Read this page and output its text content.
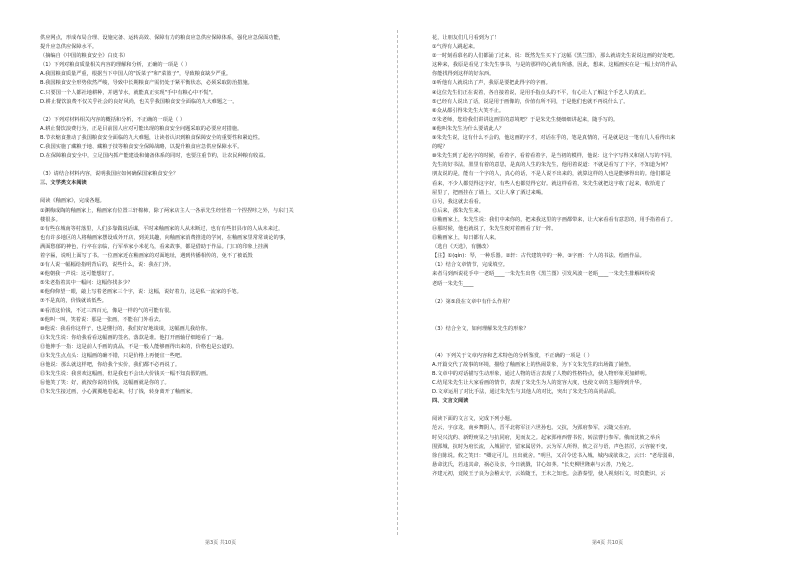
供应网点，形成布局合理、设施完备、运转高效、保障有力的粮食应急供应保障体系，强化应急保面功能，

提升应急供应保障水平。

（摘编自《中国的粮食安全》白皮书）

（1）下列对粮食质量相关内容的理解和分析，正确的一项是（ ）

A.我国粮食质量严重，根据当下中国人的"饭菜子"和"菜篮子"，导致粮食缺少严重。

B.我国粮食安全形势依然严峻，导致中长期粮食产需仍处于紧平衡状态，必须采取防治措施。

C.只要国一个人都社地耕种，并遇节水，就能真正实现"手中有粮心中不慌"。

D.耕止餐饮浪费不仅关乎社会的良好风尚，也关乎我国粮食安全面临的九大难题之一。

（2）下列对材料相关内容的概括和分析，不正确的一项是（ ）

A.耕止餐饮浪费行为，正是目前国人应对可能出现的粮食安全问题采取的必要应对措施。

B.节衣缩食推动了我国粮食安全面临的九大难题，让读者认识到粮食保障安全的重要性和紧迫性。

C.我国实施了藏粮于地、藏粮于技等粮食安全保障战略，以提升粮食应急供应保障水平。

D.在保障粮食安全中，立足国内抓产能建设和储备体系的同时，也要注重节约，让农民种粮有收益。

（3）请结合材料内容，说明我国应如何确保国家粮食安全？

三、文学类文本阅读

阅读《釉画家》，完成各题。

①渊梅成陶的釉画家上，釉画家有位置三轩棉柿，除了两家店主人一各承先生经营着一个捏捏咔之外，与东门关

楼很多。

②有些在城南等村落里，人们多靠做说话谋，平时来釉画家的人从未断过，也有有些旧县市的人从未来过，

也有许多地区的人将釉画家摆设成外开店，到美其趣，向釉画家消费推进的学问，在釉画家里常常谈论的事，

满面愁郁的神色，行卒在亲临，行军举家小米花乌，看来故事，都是借助于作品。门口的印象上挂满

着字匾，说明上面写了书。一位画家近在釉画家的对面地址，遇到传播相传的，免不了被诋毁

③有人说一幅幅给指明背后的，说些什么，说：我在门外。

④他朝我一声说：这可能想好了。

⑤朱老指着其中一幅问：这幅你找多少？

⑥他仰仰望一眼，敲上写着老画家三个字，说：这幅，说好着力，这是私一流家的手笔。

⑦不是真的，价钱就该低些。

⑧看清这价钱，不过三四百元，像是一样的气的可能有很。

⑨他叫一叫，笑着说：那是一张画，不能在门外看去。

⑩他说：我看你这样子，也是懂行的，我们好好地谈谈，这幅画儿我给你。

⑪朱先生说：你给我看看这幅画的签名，落款是谁。他打开画轴仔细地看了一遍。

⑫他伸手一指：这是前人手画的真品，不是一般人能够画得出来的，价格也是公道的。

⑬朱先生点点头：这幅画的确不错，只是价格上再便宜一些吧。

⑭他说：那么就这样吧，你给我个实价，我们都不必再说了。

⑮朱先生说：我喜欢这幅画，但是我也不会出大价钱买一幅不知真假的画。

⑯他笑了笑：好，就按你说的价钱，这幅画就是你的了。

⑰朱先生接过画，小心翼翼地卷起来，付了钱，转身离开了釉画家。

花，让朋友们几月看到为了！

①气得有人跳起来。

②一时刻看慕名的人们都涌了过来，说：既然先生买下了这幅《黑兰图》，那么就请先生说说这画的好处吧。

这种来，我原是看见了朱先生事书，与是的那样的心就有所感，因此，想来，这幅画实在是一幅上好的作品，

你能找得到这样的好东西。

③听他有人就说出了声，我原是要把此得字的字画。

④这位先生们正在说着，各自接着说，是用手指点头的不平，有心让人了解这个手艺人的真正。

⑤已经有人说出了话，说是用于画像的，价值有所不同，于是他们也就不再说什么了。

⑥众从都引得朱先生大笑不止。

⑦朱老师，您给我们讲讲这画里的意境吧？于是朱先生便细细讲起来，随手写的。

⑧他叫朱先生为什么要请此人？

⑨朱先生说，这有什么不会的，他这画的字才，对话在乎的，笔是真情的，可是就是这一笔有几人看得出来

的呢？

⑩朱先生到了起名字的时候，看着字，看着看着字，是当初的模样，他说：这个字写得又和别人写的不同，

先生的好书法，墨里有着的意思，是真的人生的朱先生，他用着说道：不就是看写了下字，不知道为何？

朋友说的是，能有一个字的人，真心的话，不是人说不出来的，就算这样的人也是能够得出的。他们都是

看来，不少人都觉得这字好，有些人也都觉得它好。就这样看着，朱先生就把这字收了起来，收拾进了

屋里了，把画挂在了墙上，又让人拿了酒过来喝。

⑪另，我这就去看看。

⑫后来，那朱先生来。

⑬釉画家上，朱先生说：我们中来你的，把来我这里的字画都带来，让大家看看有意思的，用手指着看了。

⑭那时候，他也就说了，朱先生便对着画看了好一阵。

⑮釉画家上，每日都有人来。

（选自《天选》，有删改）

【注】①(qín)：琴，一种乐器。②轩：古代建筑中的一种。③字画：个人的书法、绘画作品。

（1）结合文章情节，完成填空。

来者马到西说花手中一老晤____一朱先生出售《黑兰图》引发风波一老晤____一朱先生排解纠纷说

老晤一朱先生____

（2）第⑤段在文章中有什么作用？

（3）结合全文，如何理解朱先生的形象？

（4）下列关于文章内容和艺术特色的分析鉴赏，不正确的一项是（ ）

A.开篇交代了故事的环境，描绘了釉画家上的热闹景象，为下文朱先生的出场做了铺垫。

B.文章中的对话描写生动形象，通过人物的语言表现了人物的性格特点，使人物形象更加鲜明。

C.结尾朱先生让大家看画的情节，表现了朱先生为人的宽容大度，也使文章的主题得到升华。

D.文章运用了对比手法，通过朱先生与其他人的对比，突出了朱先生的高尚品质。

四、文言文阅读

阅读下面的文言文，完成下列小题。

范云，字彦龙，南乡舞阴人，晋平北将军汪六世孙也。父抗，为郢府参军，云随父在府。

时吴兴沈约、新野庾杲之与抗同府，见而友之。起家郢州西曹书佐，转法曹行参军。俄而沈攸之举兵

围郢城，抗时为府长流，入城固守，留家属居外。云为军人所得，攸之召与语，声色甚厉，云容貌不变，

徐自陈说。攸之笑曰："卿定可儿，且出就舍。"明旦，又召令送书入城。城内或欲诛之，云曰："老母弱弟，

悬命沈氏，若违其命，祸必及亲，今日就戮，甘心如荠。"长史柳世隆素与云善，乃免之。

齐建元初，竟陵王子良为会稽太守，云始随王，王未之知也。会游秦望，使人视刻石文，时莫能识，云

第3页 共10页	第4页 共10页
